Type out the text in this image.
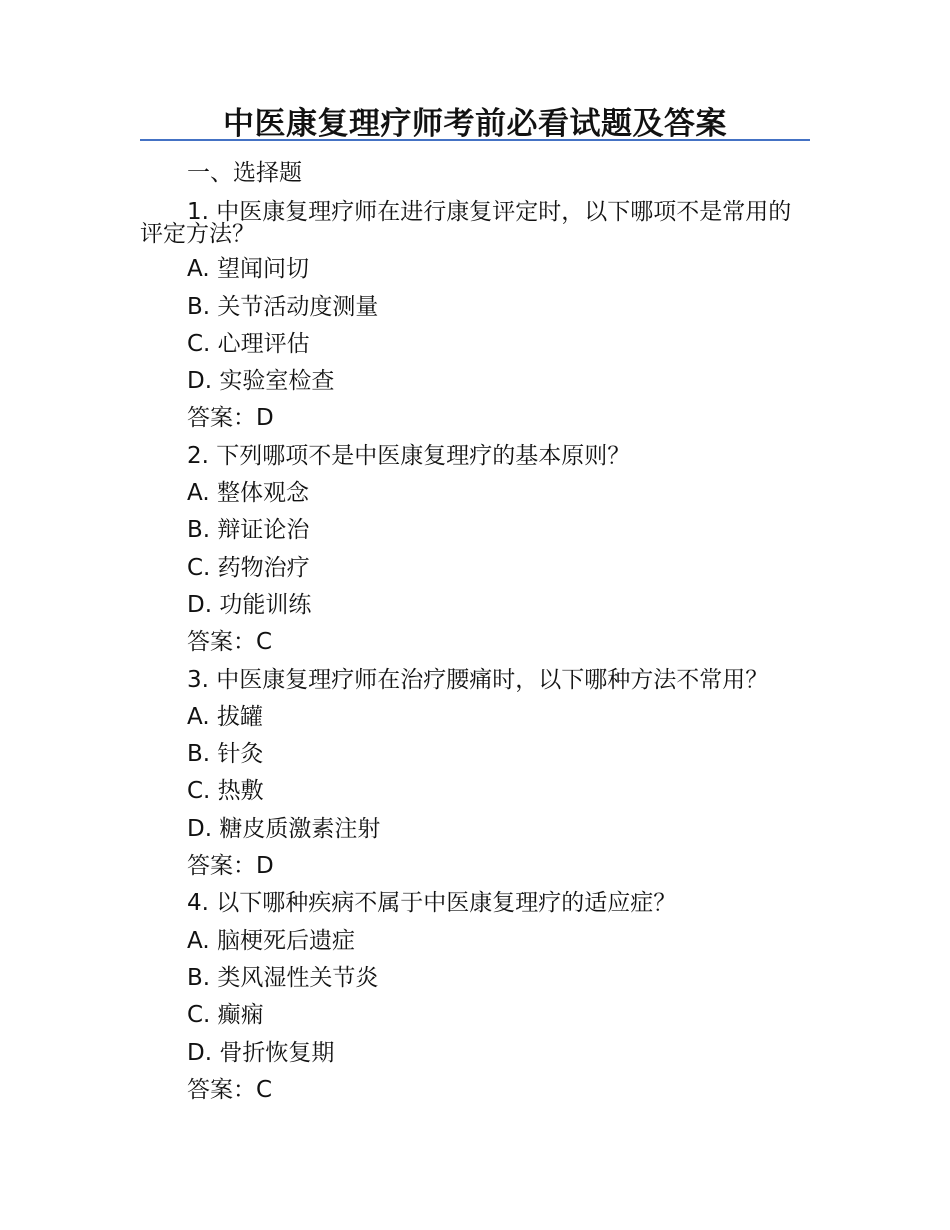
中医康复理疗师考前必看试题及答案

一、选择题

1. 中医康复理疗师在进行康复评定时，以下哪项不是常用的评定方法？

A. 望闻问切

B. 关节活动度测量

C. 心理评估

D. 实验室检查

答案：D

2. 下列哪项不是中医康复理疗的基本原则？

A. 整体观念

B. 辩证论治

C. 药物治疗

D. 功能训练

答案：C

3. 中医康复理疗师在治疗腰痛时，以下哪种方法不常用？

A. 拔罐

B. 针灸

C. 热敷

D. 糖皮质激素注射

答案：D

4. 以下哪种疾病不属于中医康复理疗的适应症？

A. 脑梗死后遗症

B. 类风湿性关节炎

C. 癫痫

D. 骨折恢复期

答案：C
